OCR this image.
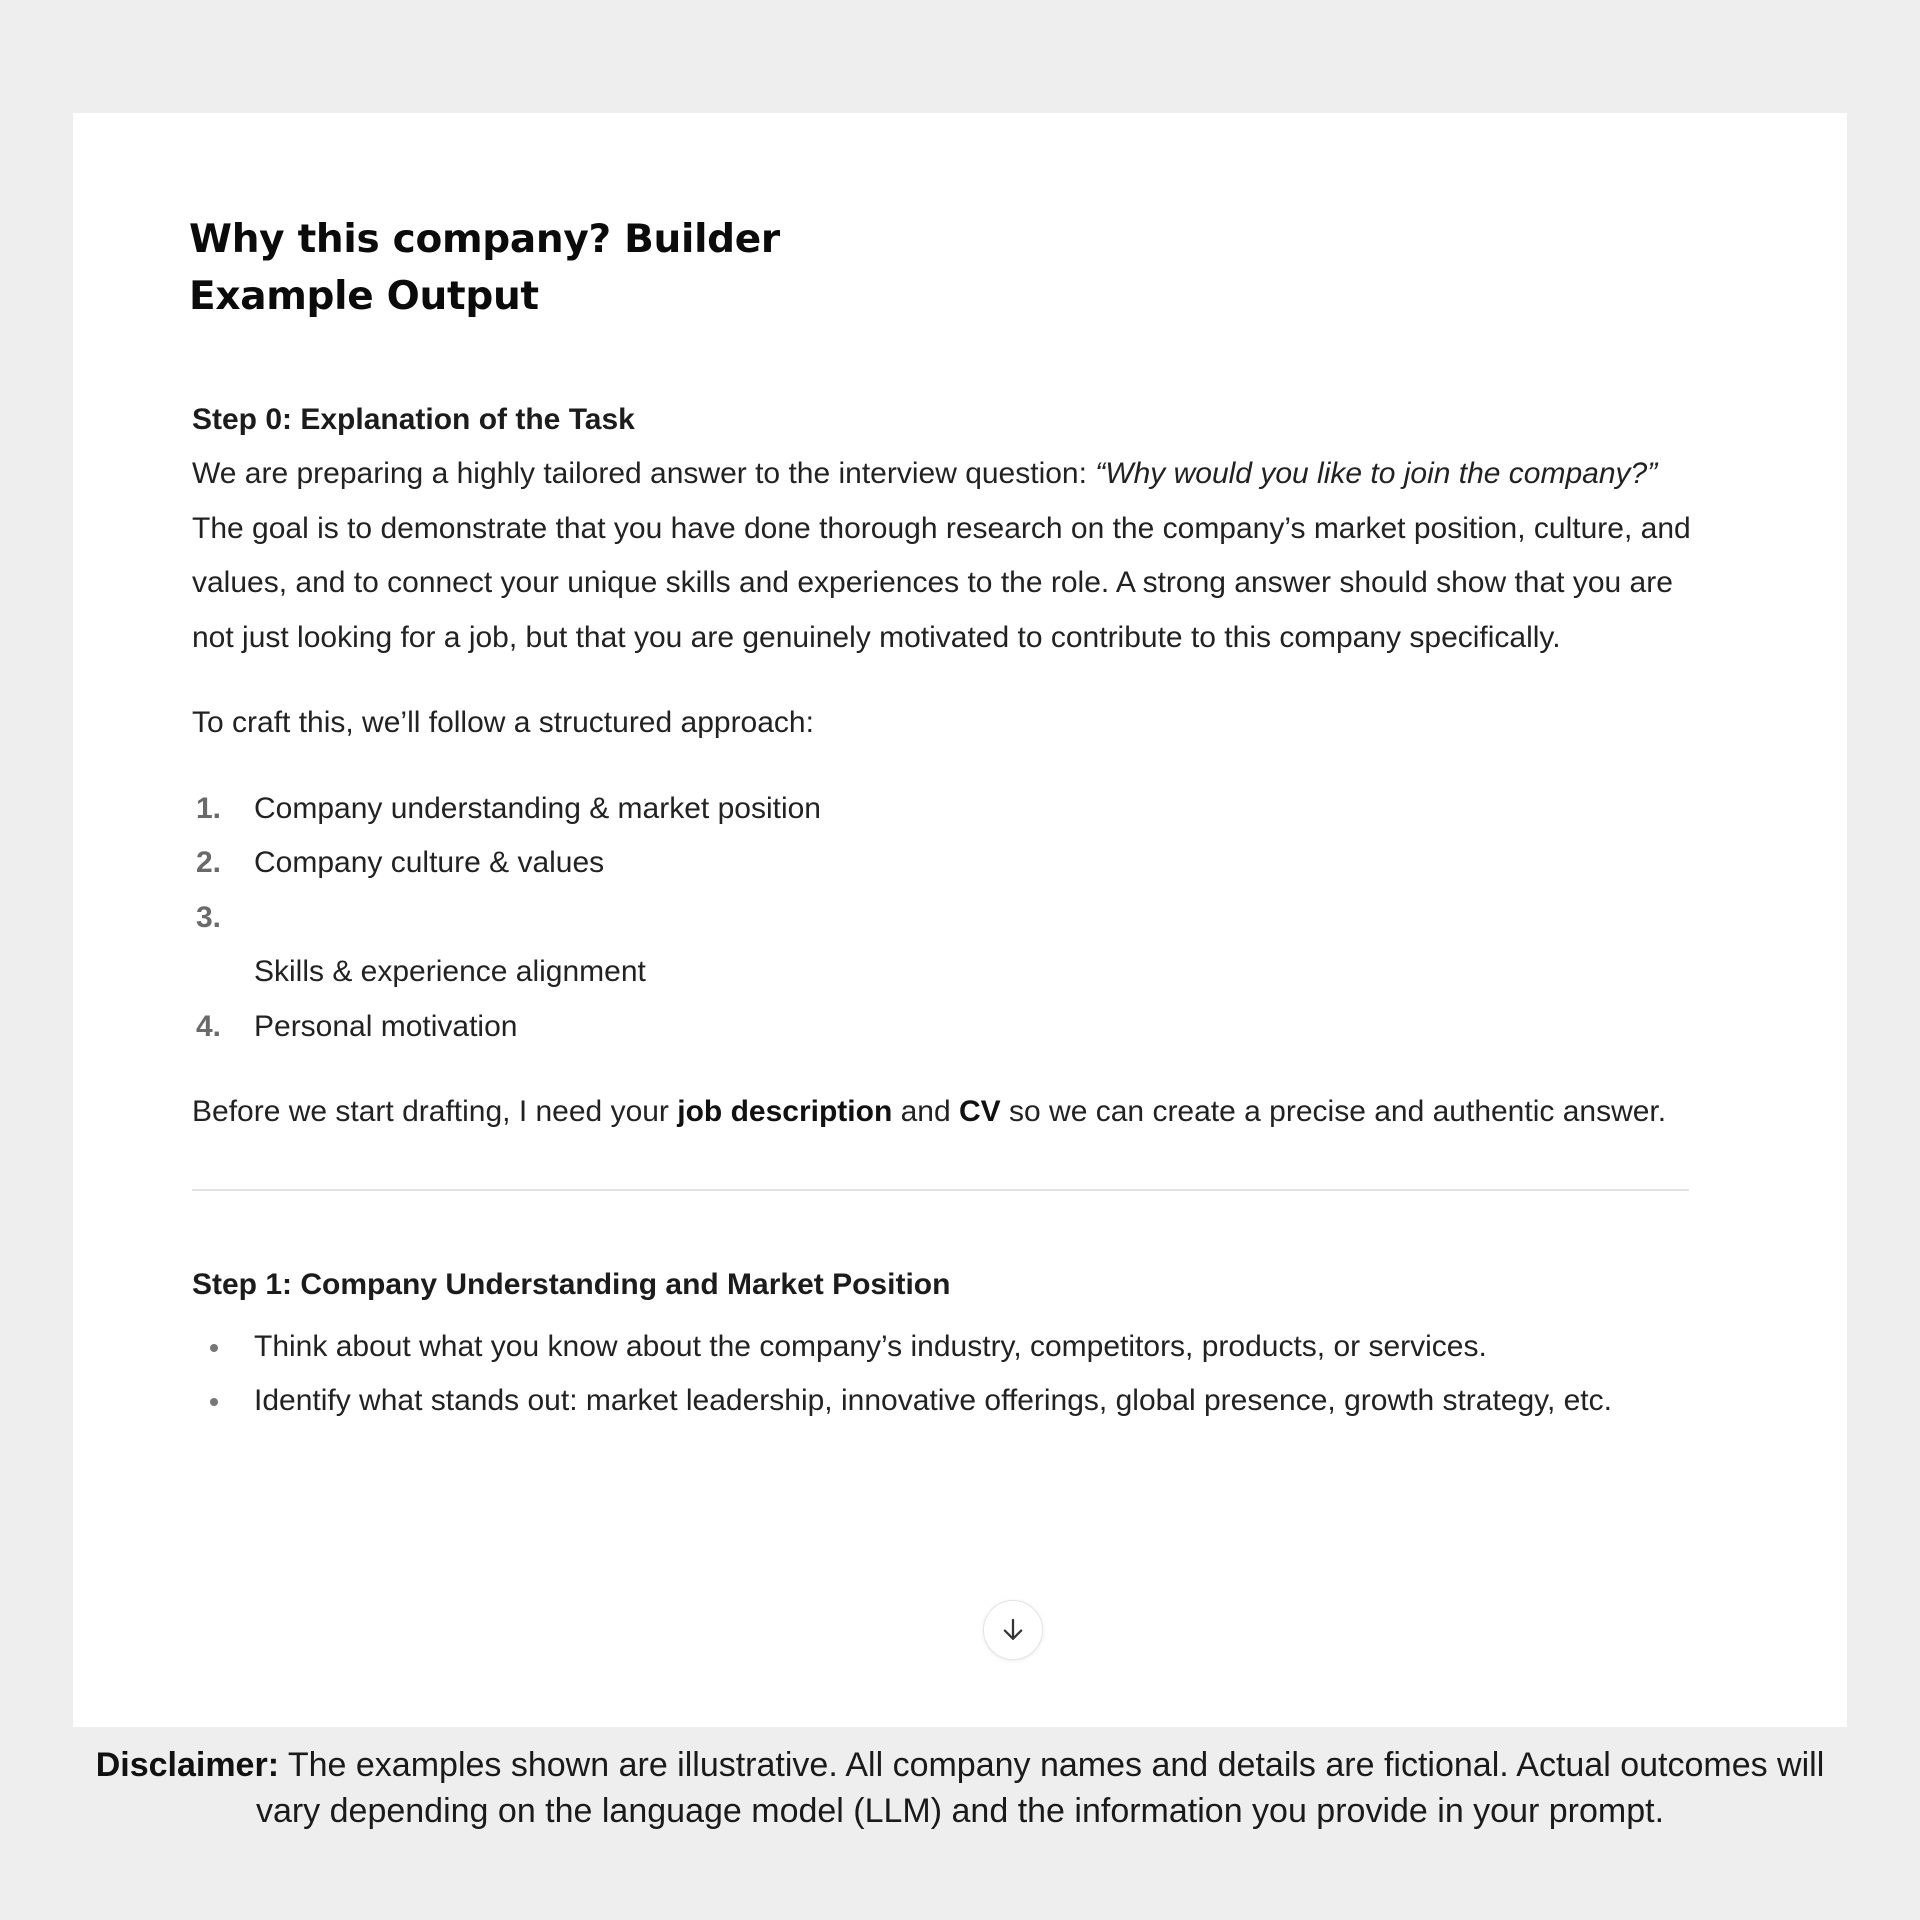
Why this company? Builder
Example Output

Step 0: Explanation of the Task

We are preparing a highly tailored answer to the interview question: “Why would you like to join the company?” The goal is to demonstrate that you have done thorough research on the company’s market position, culture, and values, and to connect your unique skills and experiences to the role. A strong answer should show that you are not just looking for a job, but that you are genuinely motivated to contribute to this company specifically.

To craft this, we’ll follow a structured approach:

1. Company understanding & market position
2. Company culture & values
3.
Skills & experience alignment
4. Personal motivation

Before we start drafting, I need your job description and CV so we can create a precise and authentic answer.

Step 1: Company Understanding and Market Position

Think about what you know about the company’s industry, competitors, products, or services.
Identify what stands out: market leadership, innovative offerings, global presence, growth strategy, etc.
Disclaimer: The examples shown are illustrative. All company names and details are fictional. Actual outcomes will vary depending on the language model (LLM) and the information you provide in your prompt.
